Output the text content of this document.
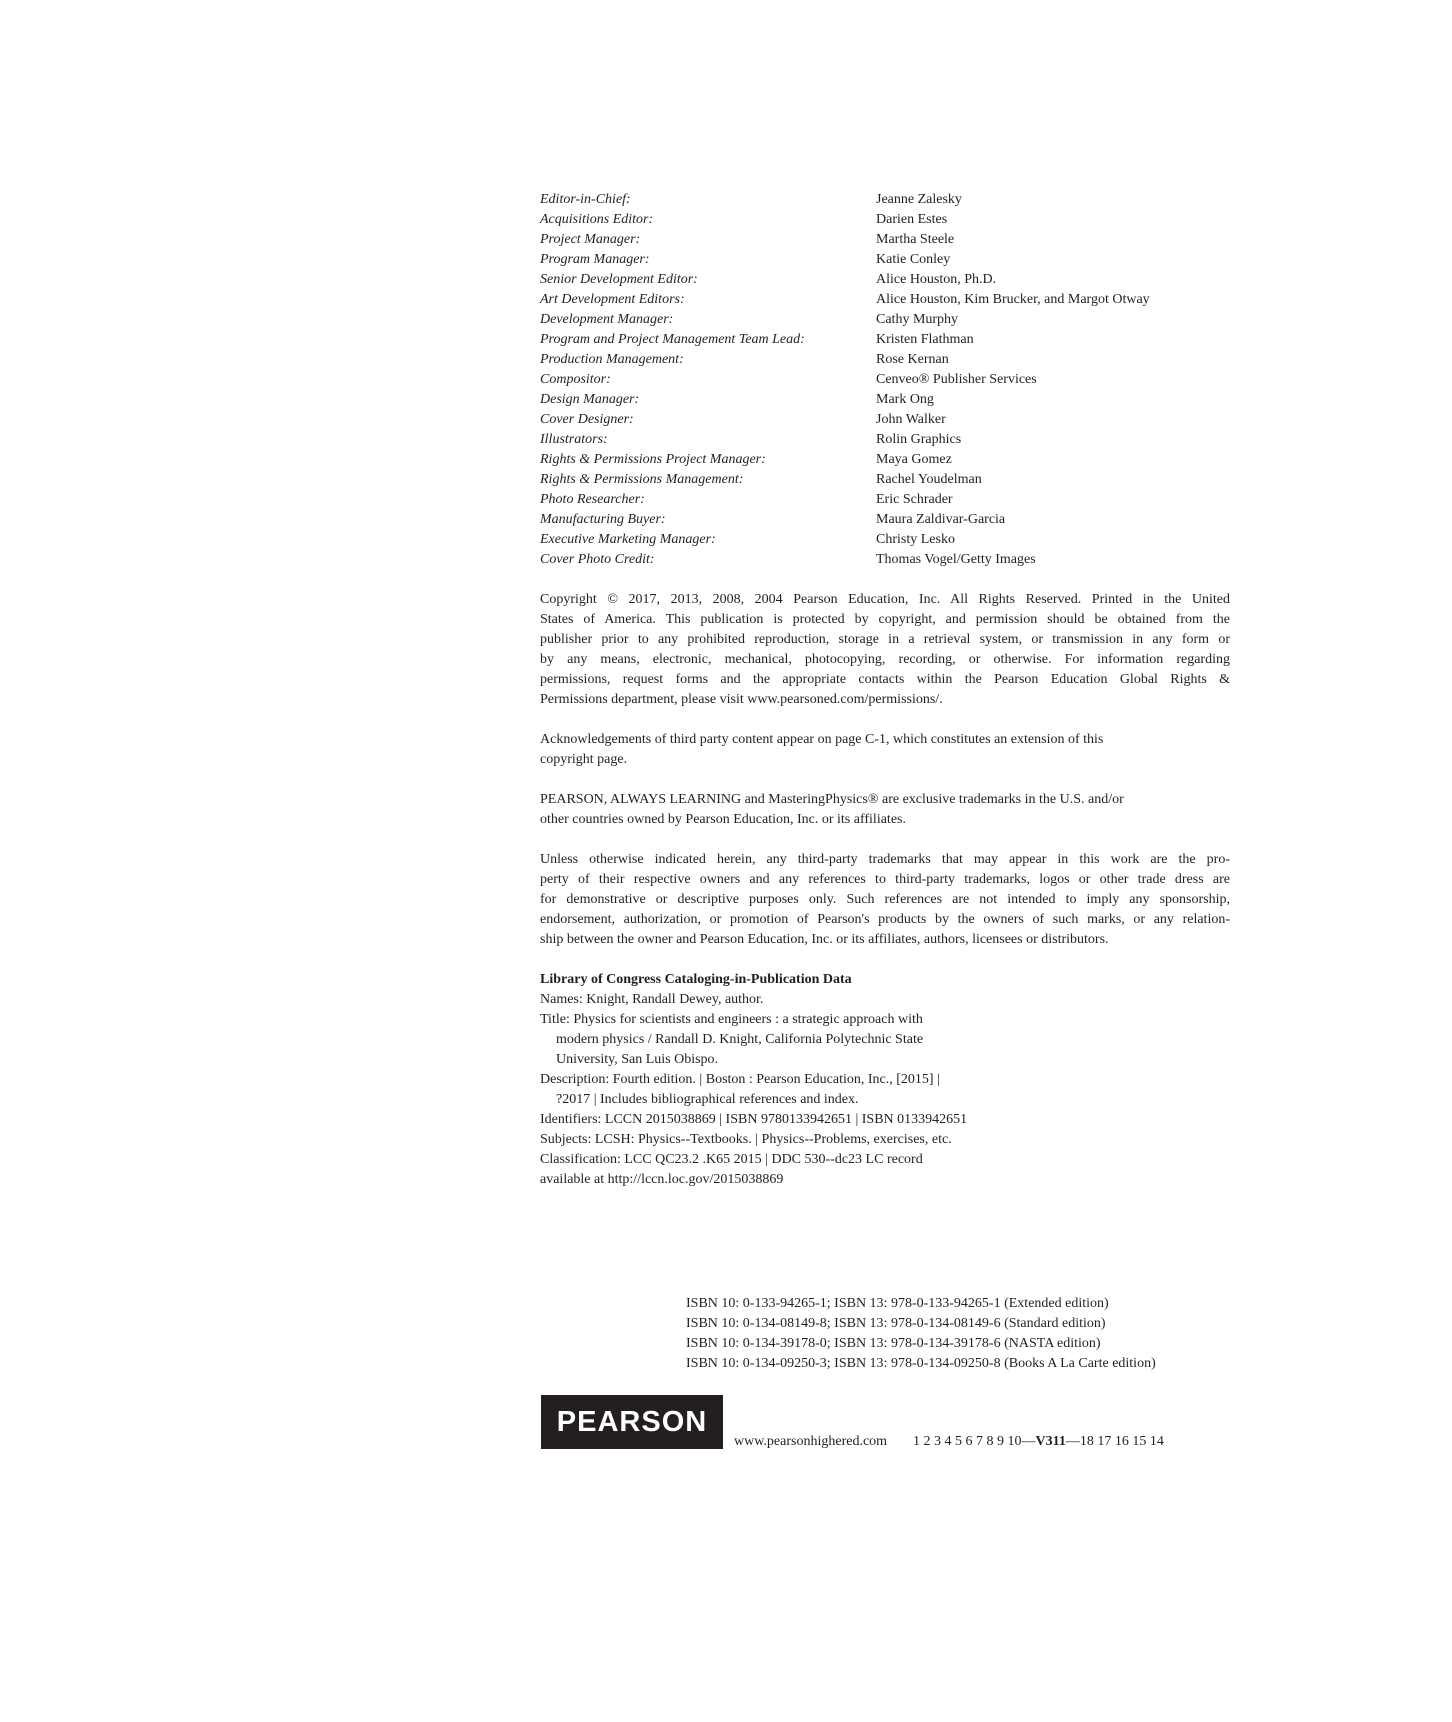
Editor-in-Chief:	Jeanne Zalesky
Acquisitions Editor:	Darien Estes
Project Manager:	Martha Steele
Program Manager:	Katie Conley
Senior Development Editor:	Alice Houston, Ph.D.
Art Development Editors:	Alice Houston, Kim Brucker, and Margot Otway
Development Manager:	Cathy Murphy
Program and Project Management Team Lead:	Kristen Flathman
Production Management:	Rose Kernan
Compositor:	Cenveo® Publisher Services
Design Manager:	Mark Ong
Cover Designer:	John Walker
Illustrators:	Rolin Graphics
Rights & Permissions Project Manager:	Maya Gomez
Rights & Permissions Management:	Rachel Youdelman
Photo Researcher:	Eric Schrader
Manufacturing Buyer:	Maura Zaldivar-Garcia
Executive Marketing Manager:	Christy Lesko
Cover Photo Credit:	Thomas Vogel/Getty Images
Copyright © 2017, 2013, 2008, 2004 Pearson Education, Inc. All Rights Reserved. Printed in the United
States of America. This publication is protected by copyright, and permission should be obtained from the
publisher prior to any prohibited reproduction, storage in a retrieval system, or transmission in any form or
by any means, electronic, mechanical, photocopying, recording, or otherwise. For information regarding
permissions, request forms and the appropriate contacts within the Pearson Education Global Rights &
Permissions department, please visit www.pearsoned.com/permissions/.
Acknowledgements of third party content appear on page C-1, which constitutes an extension of this
copyright page.
PEARSON, ALWAYS LEARNING and MasteringPhysics® are exclusive trademarks in the U.S. and/or
other countries owned by Pearson Education, Inc. or its affiliates.
Unless otherwise indicated herein, any third-party trademarks that may appear in this work are the pro-
perty of their respective owners and any references to third-party trademarks, logos or other trade dress are
for demonstrative or descriptive purposes only. Such references are not intended to imply any sponsorship,
endorsement, authorization, or promotion of Pearson's products by the owners of such marks, or any relation-
ship between the owner and Pearson Education, Inc. or its affiliates, authors, licensees or distributors.
Library of Congress Cataloging-in-Publication Data
Names: Knight, Randall Dewey, author.
Title: Physics for scientists and engineers : a strategic approach with
modern physics / Randall D. Knight, California Polytechnic State
University, San Luis Obispo.
Description: Fourth edition. | Boston : Pearson Education, Inc., [2015] |
?2017 | Includes bibliographical references and index.
Identifiers: LCCN 2015038869 | ISBN 9780133942651 | ISBN 0133942651
Subjects: LCSH: Physics--Textbooks. | Physics--Problems, exercises, etc.
Classification: LCC QC23.2 .K65 2015 | DDC 530--dc23 LC record
available at http://lccn.loc.gov/2015038869
ISBN 10: 0-133-94265-1; ISBN 13: 978-0-133-94265-1 (Extended edition)
ISBN 10: 0-134-08149-8; ISBN 13: 978-0-134-08149-6 (Standard edition)
ISBN 10: 0-134-39178-0; ISBN 13: 978-0-134-39178-6 (NASTA edition)
ISBN 10: 0-134-09250-3; ISBN 13: 978-0-134-09250-8 (Books A La Carte edition)
PEARSON
www.pearsonhighered.com 1 2 3 4 5 6 7 8 9 10—V311—18 17 16 15 14
